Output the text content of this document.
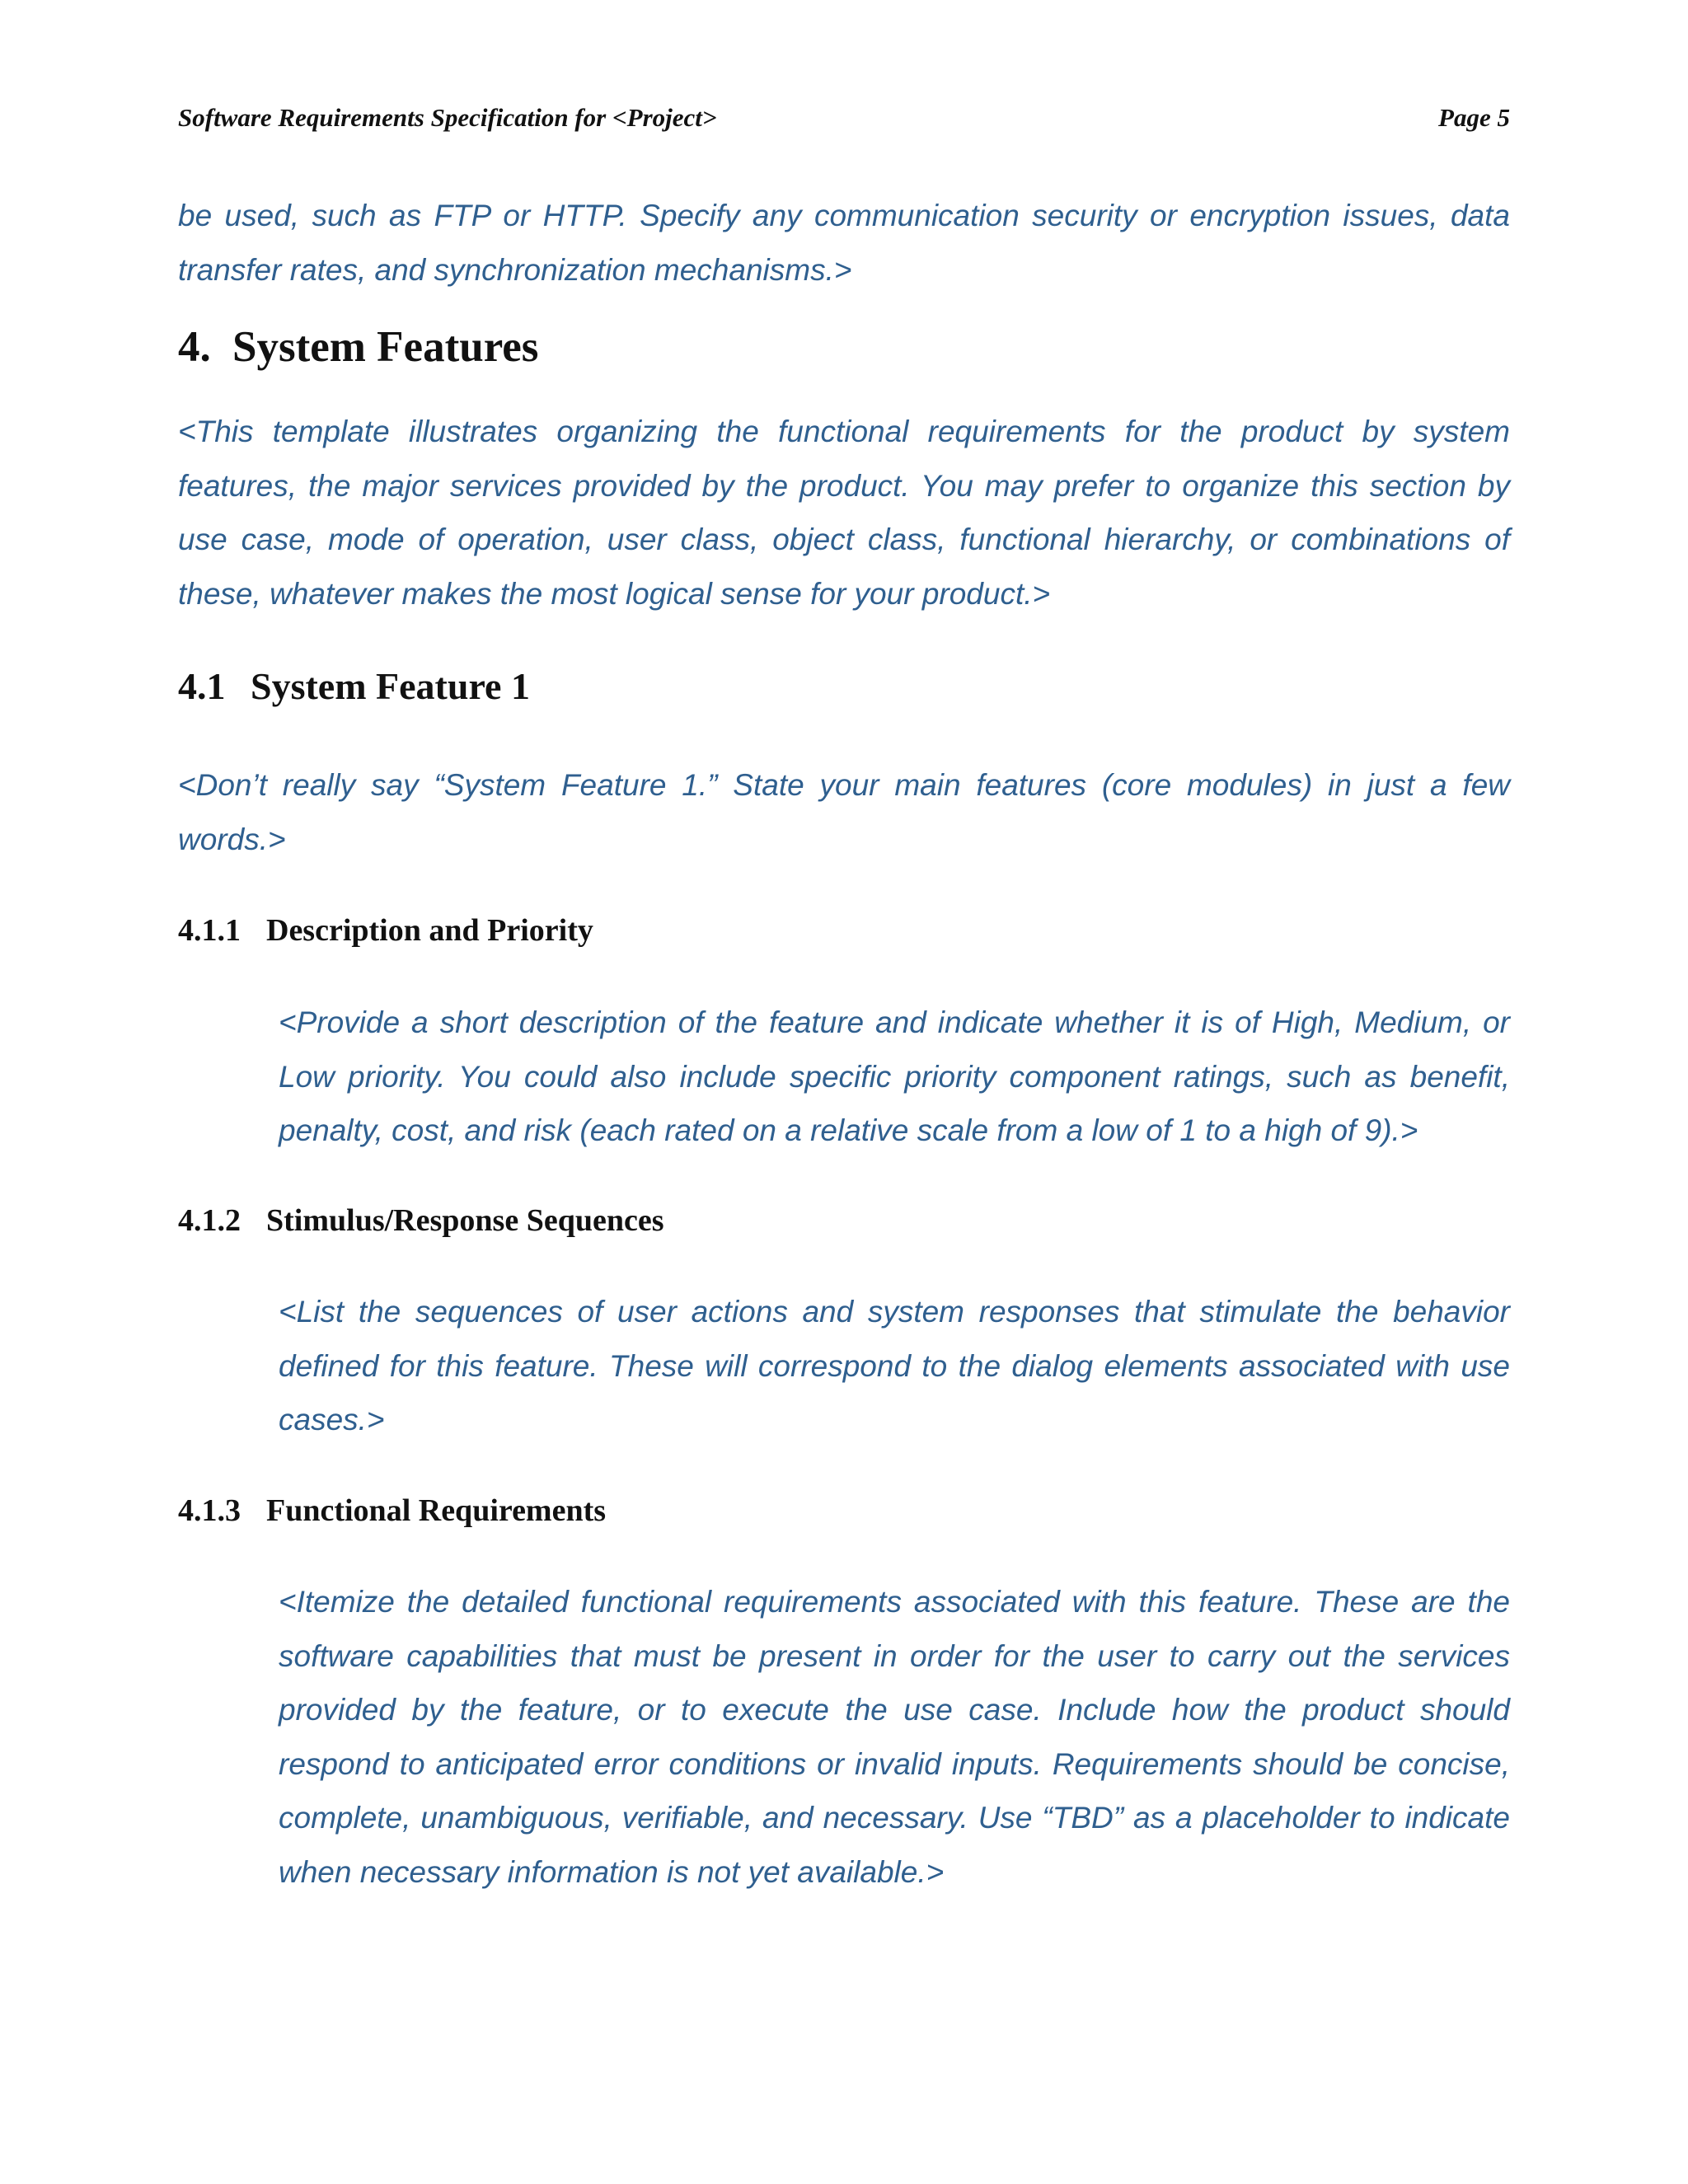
Software Requirements Specification for <Project>	Page 5

be used, such as FTP or HTTP. Specify any communication security or encryption issues, data transfer rates, and synchronization mechanisms.>

4. System Features

<This template illustrates organizing the functional requirements for the product by system features, the major services provided by the product. You may prefer to organize this section by use case, mode of operation, user class, object class, functional hierarchy, or combinations of these, whatever makes the most logical sense for your product.>

4.1 System Feature 1

<Don’t really say “System Feature 1.” State your main features (core modules) in just a few words.>

4.1.1 Description and Priority

<Provide a short description of the feature and indicate whether it is of High, Medium, or Low priority. You could also include specific priority component ratings, such as benefit, penalty, cost, and risk (each rated on a relative scale from a low of 1 to a high of 9).>

4.1.2 Stimulus/Response Sequences

<List the sequences of user actions and system responses that stimulate the behavior defined for this feature. These will correspond to the dialog elements associated with use cases.>

4.1.3 Functional Requirements

<Itemize the detailed functional requirements associated with this feature. These are the software capabilities that must be present in order for the user to carry out the services provided by the feature, or to execute the use case. Include how the product should respond to anticipated error conditions or invalid inputs. Requirements should be concise, complete, unambiguous, verifiable, and necessary. Use “TBD” as a placeholder to indicate when necessary information is not yet available.>
